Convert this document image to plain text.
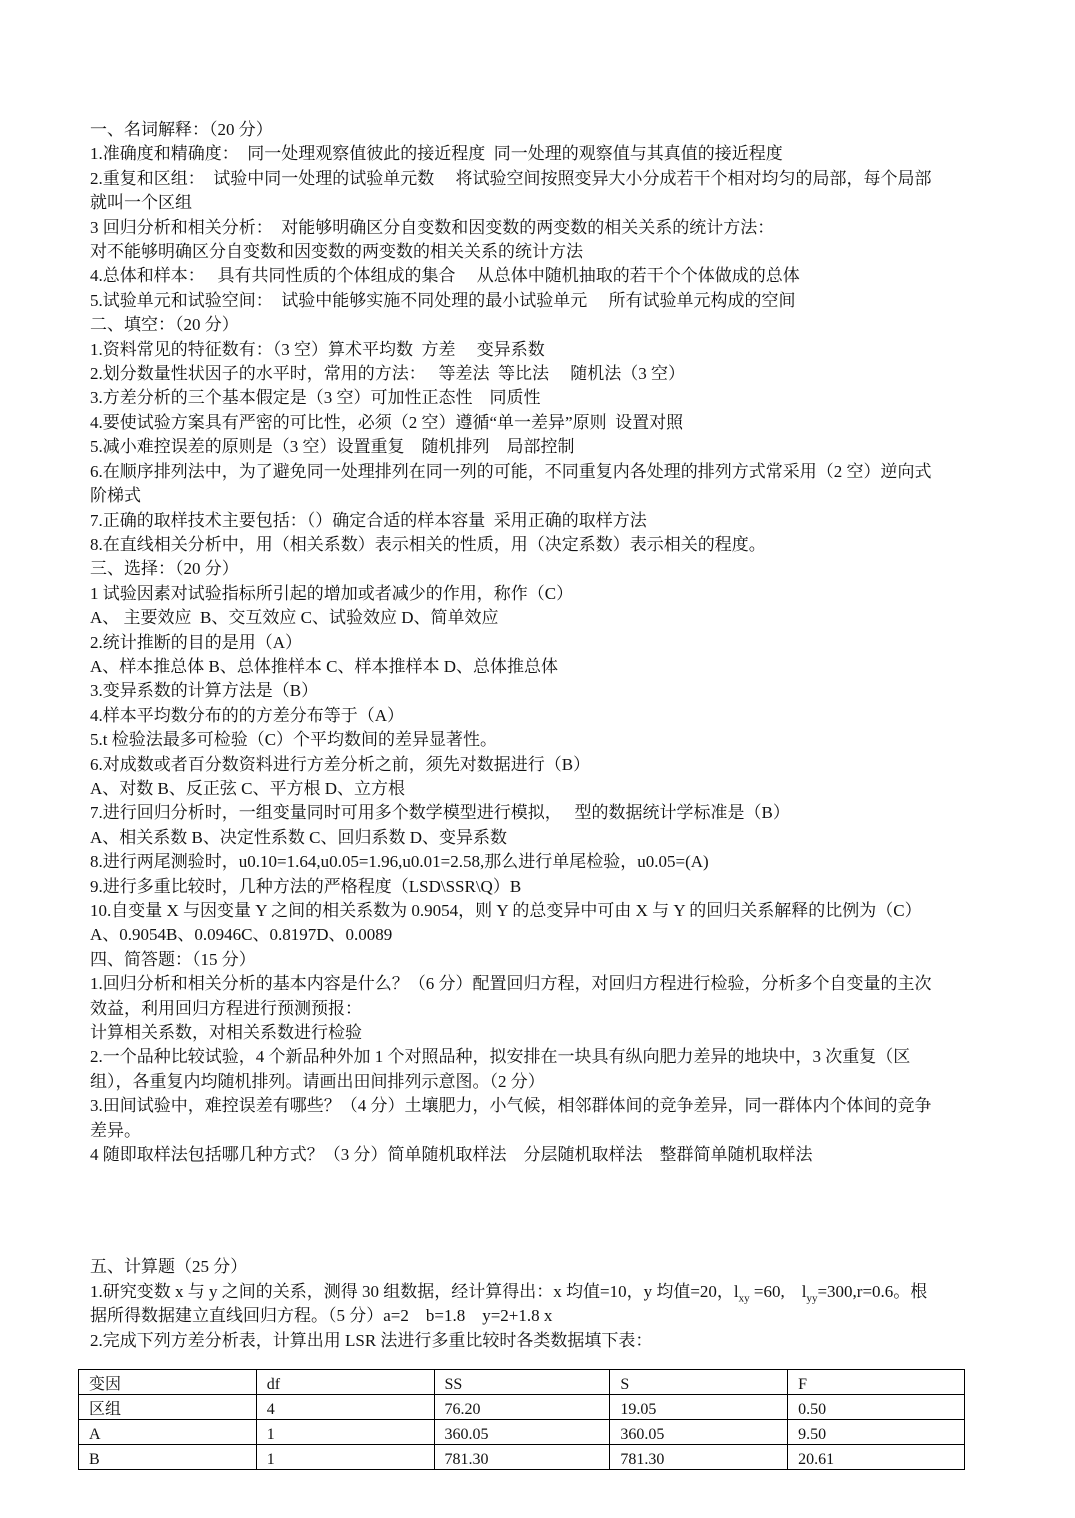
一、名词解释：（20 分）

1.准确度和精确度：　同一处理观察值彼此的接近程度  同一处理的观察值与其真值的接近程度

2.重复和区组：　试验中同一处理的试验单元数　 将试验空间按照变异大小分成若干个相对均匀的局部，每个局部

就叫一个区组

3 回归分析和相关分析：　对能够明确区分自变数和因变数的两变数的相关关系的统计方法：

对不能够明确区分自变数和因变数的两变数的相关关系的统计方法

4.总体和样本：　 具有共同性质的个体组成的集合　 从总体中随机抽取的若干个个体做成的总体

5.试验单元和试验空间：　试验中能够实施不同处理的最小试验单元　 所有试验单元构成的空间

二、填空：（20 分）

1.资料常见的特征数有：（3 空）算术平均数  方差　 变异系数

2.划分数量性状因子的水平时，常用的方法：　 等差法  等比法　 随机法（3 空）

3.方差分析的三个基本假定是（3 空）可加性正态性　同质性

4.要使试验方案具有严密的可比性，必须（2 空）遵循“单一差异”原则  设置对照

5.减小难控误差的原则是（3 空）设置重复　随机排列　局部控制

6.在顺序排列法中，为了避免同一处理排列在同一列的可能，不同重复内各处理的排列方式常采用（2 空）逆向式

阶梯式

7.正确的取样技术主要包括：（）确定合适的样本容量  采用正确的取样方法

8.在直线相关分析中，用（相关系数）表示相关的性质，用（决定系数）表示相关的程度。

三、选择：（20 分）

1 试验因素对试验指标所引起的增加或者减少的作用，称作（C）

A、 主要效应  B、交互效应 C、试验效应 D、简单效应

2.统计推断的目的是用（A）

A、样本推总体 B、总体推样本 C、样本推样本 D、总体推总体

3.变异系数的计算方法是（B）

4.样本平均数分布的的方差分布等于（A）

5.t 检验法最多可检验（C）个平均数间的差异显著性。

6.对成数或者百分数资料进行方差分析之前，须先对数据进行（B）

A、对数 B、反正弦 C、平方根 D、立方根

7.进行回归分析时，一组变量同时可用多个数学模型进行模拟，　 型的数据统计学标准是（B）

A、相关系数 B、决定性系数 C、回归系数 D、变异系数

8.进行两尾测验时，u0.10=1.64,u0.05=1.96,u0.01=2.58,那么进行单尾检验，u0.05=(A)

9.进行多重比较时，几种方法的严格程度（LSD\SSR\Q）B

10.自变量 X 与因变量 Y 之间的相关系数为 0.9054，则 Y 的总变异中可由 X 与 Y 的回归关系解释的比例为（C）

A、0.9054B、0.0946C、0.8197D、0.0089

四、简答题：（15 分）

1.回归分析和相关分析的基本内容是什么？（6 分）配置回归方程，对回归方程进行检验，分析多个自变量的主次

效益，利用回归方程进行预测预报：

计算相关系数，对相关系数进行检验

2.一个品种比较试验，4 个新品种外加 1 个对照品种，拟安排在一块具有纵向肥力差异的地块中，3 次重复（区

组），各重复内均随机排列。请画出田间排列示意图。（2 分）

3.田间试验中，难控误差有哪些？（4 分）土壤肥力，小气候，相邻群体间的竞争差异，同一群体内个体间的竞争

差异。

4 随即取样法包括哪几种方式？（3 分）简单随机取样法　分层随机取样法　整群简单随机取样法

五、计算题（25 分）

1.研究变数 x 与 y 之间的关系，测得 30 组数据，经计算得出：x 均值=10，y 均值=20，$l_{xy} =60$,　$l_{yy}=300,r=0.6$。根

据所得数据建立直线回归方程。（5 分）a=2　b=1.8　y=2+1.8 x

2.完成下列方差分析表，计算出用 LSR 法进行多重比较时各类数据填下表：

变因	df	SS	S	F
区组	4	76.20	19.05	0.50
A	1	360.05	360.05	9.50
B	1	781.30	781.30	20.61
